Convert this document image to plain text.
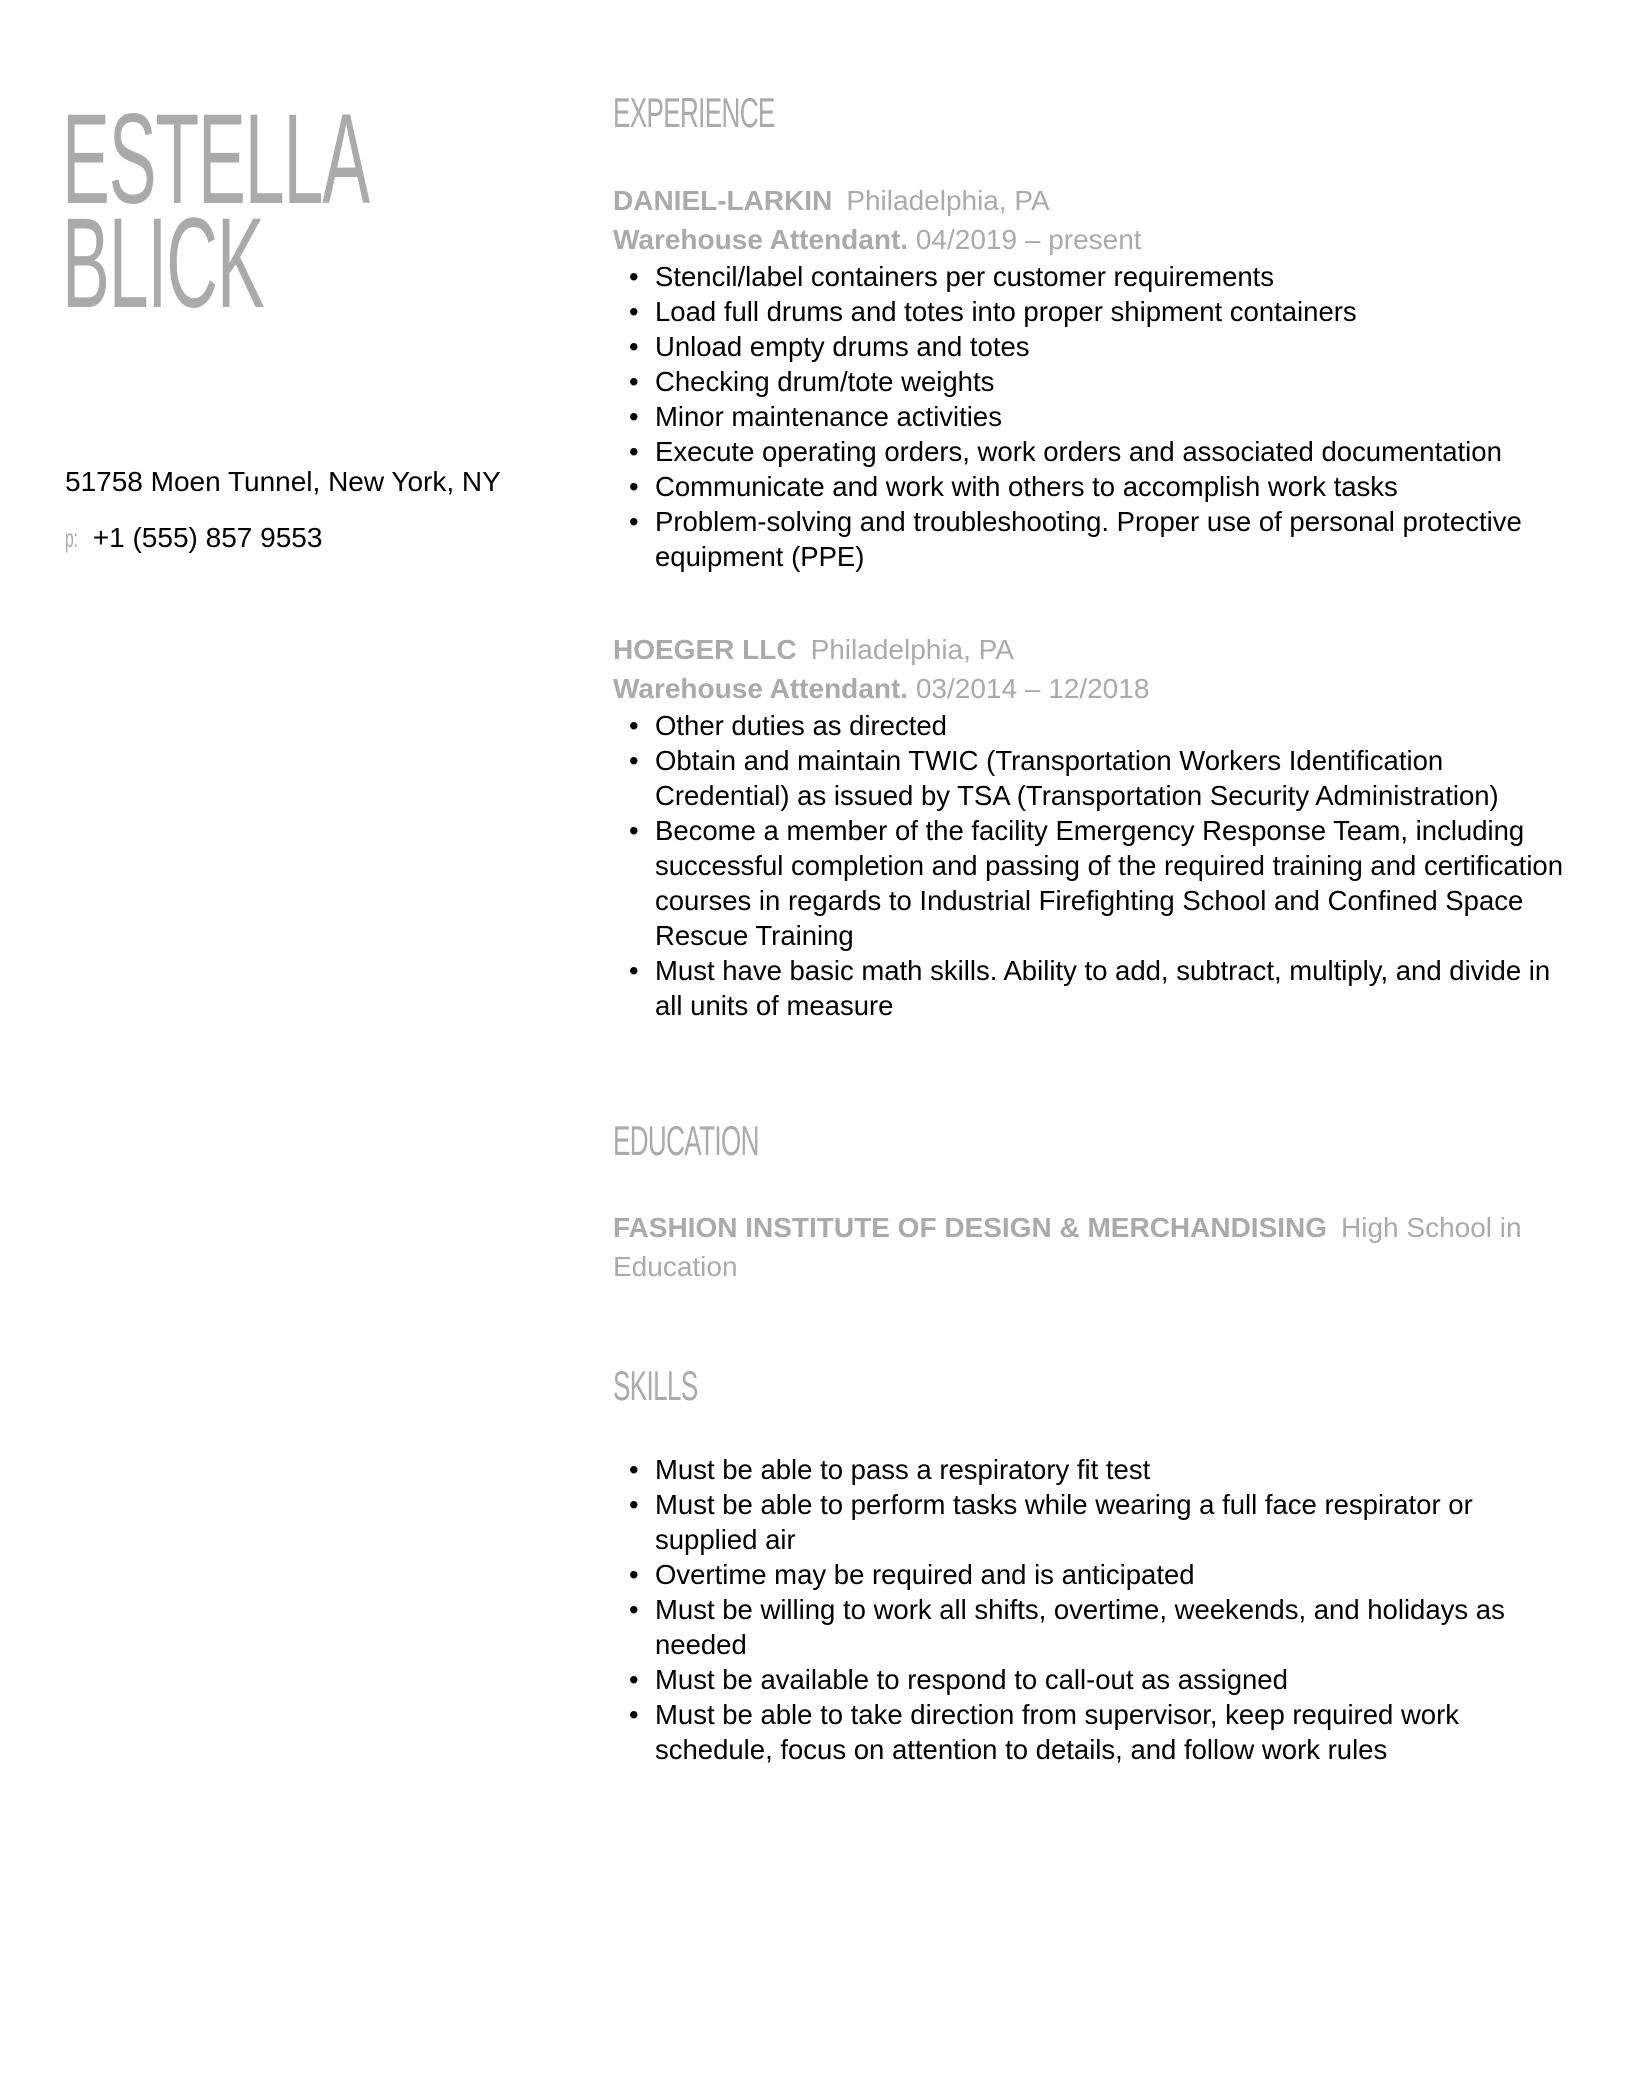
ESTELLA
BLICK
51758 Moen Tunnel, New York, NY
p: +1 (555) 857 9553
EXPERIENCE
DANIEL-LARKIN Philadelphia, PA
Warehouse Attendant. 04/2019 – present
• Stencil/label containers per customer requirements
• Load full drums and totes into proper shipment containers
• Unload empty drums and totes
• Checking drum/tote weights
• Minor maintenance activities
• Execute operating orders, work orders and associated documentation
• Communicate and work with others to accomplish work tasks
• Problem-solving and troubleshooting. Proper use of personal protective equipment (PPE)
HOEGER LLC Philadelphia, PA
Warehouse Attendant. 03/2014 – 12/2018
• Other duties as directed
• Obtain and maintain TWIC (Transportation Workers Identification Credential) as issued by TSA (Transportation Security Administration)
• Become a member of the facility Emergency Response Team, including successful completion and passing of the required training and certification courses in regards to Industrial Firefighting School and Confined Space Rescue Training
• Must have basic math skills. Ability to add, subtract, multiply, and divide in all units of measure
EDUCATION
FASHION INSTITUTE OF DESIGN & MERCHANDISING High School in Education
SKILLS
• Must be able to pass a respiratory fit test
• Must be able to perform tasks while wearing a full face respirator or supplied air
• Overtime may be required and is anticipated
• Must be willing to work all shifts, overtime, weekends, and holidays as needed
• Must be available to respond to call-out as assigned
• Must be able to take direction from supervisor, keep required work schedule, focus on attention to details, and follow work rules
